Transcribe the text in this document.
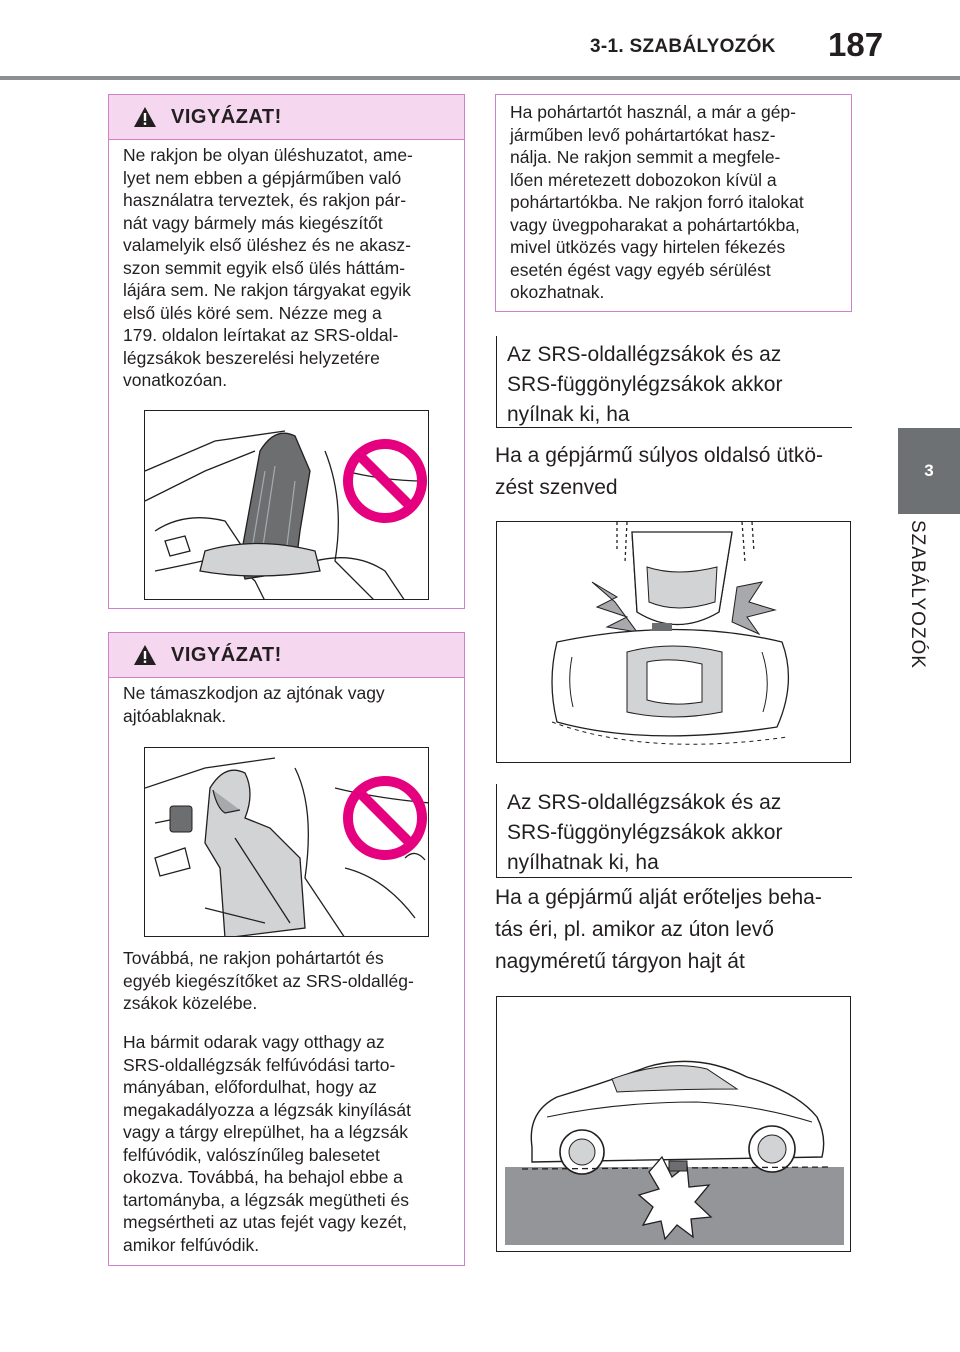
3-1. SZABÁLYOZÓK 187
3
SZABÁLYOZÓK
VIGYÁZAT!
Ne rakjon be olyan üléshuzatot, ame-
lyet nem ebben a gépjárműben való
használatra terveztek, és rakjon pár-
nát vagy bármely más kiegészítőt
valamelyik első üléshez és ne akasz-
szon semmit egyik első ülés háttám-
lájára sem. Ne rakjon tárgyakat egyik
első ülés köré sem. Nézze meg a
179. oldalon leírtakat az SRS-oldal-
légzsákok beszerelési helyzetére
vonatkozóan.
VIGYÁZAT!
Ne támaszkodjon az ajtónak vagy
ajtóablaknak.
Továbbá, ne rakjon pohártartót és
egyéb kiegészítőket az SRS-oldallég-
zsákok közelébe.
Ha bármit odarak vagy otthagy az
SRS-oldallégzsák felfúvódási tarto-
mányában, előfordulhat, hogy az
megakadályozza a légzsák kinyílását
vagy a tárgy elrepülhet, ha a légzsák
felfúvódik, valószínűleg balesetet
okozva. Továbbá, ha behajol ebbe a
tartományba, a légzsák megütheti és
megsértheti az utas fejét vagy kezét,
amikor felfúvódik.
Ha pohártartót használ, a már a gép-
járműben levő pohártartókat hasz-
nálja. Ne rakjon semmit a megfele-
lően méretezett dobozokon kívül a
pohártartókba. Ne rakjon forró italokat
vagy üvegpoharakat a pohártartókba,
mivel ütközés vagy hirtelen fékezés
esetén égést vagy egyéb sérülést
okozhatnak.
Az SRS-oldallégzsákok és az
SRS-függönylégzsákok akkor
nyílnak ki, ha
Ha a gépjármű súlyos oldalsó ütkö-
zést szenved
Az SRS-oldallégzsákok és az
SRS-függönylégzsákok akkor
nyílhatnak ki, ha
Ha a gépjármű alját erőteljes beha-
tás éri, pl. amikor az úton levő
nagyméretű tárgyon hajt át
